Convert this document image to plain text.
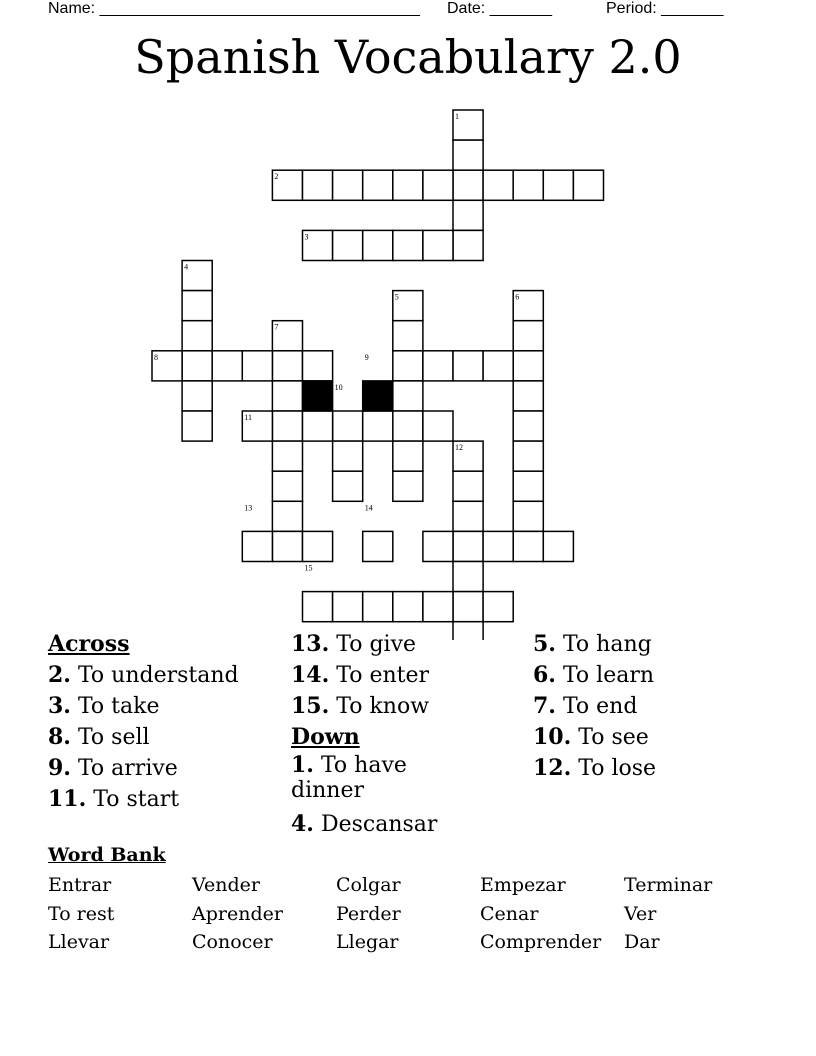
Name: ____________________________________ Date: _______	Period: _______
Spanish Vocabulary 2.0
1
2
3
4
5	6
7
8	9
10
11
12
13	14
15
Across
2. To understand
3. To take
8. To sell
9. To arrive
11. To start
13. To give
14. To enter
15. To know
Down
1. To have dinner
4. Descansar
5. To hang
6. To learn
7. To end
10. To see
12. To lose
Word Bank
Entrar	Vender	Colgar	Empezar	Terminar
To rest	Aprender	Perder	Cenar	Ver
Llevar	Conocer	Llegar	Comprender Dar
